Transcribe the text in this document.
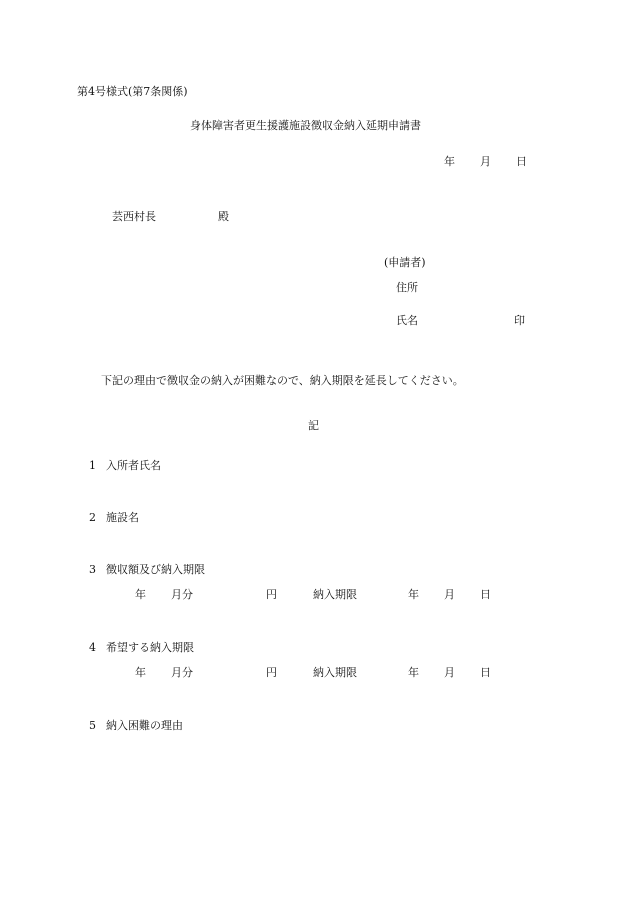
第4号様式(第7条関係)
身体障害者更生援護施設徴収金納入延期申請書
年 月 日
芸西村長	殿
(申請者)
住所
氏名	印
下記の理由で徴収金の納入が困難なので、納入期限を延長してください。
記
1 入所者氏名
2 施設名
3 徴収額及び納入期限
年 月分	円	納入期限	年 月 日
4 希望する納入期限
年 月分	円	納入期限	年 月 日
5 納入困難の理由
